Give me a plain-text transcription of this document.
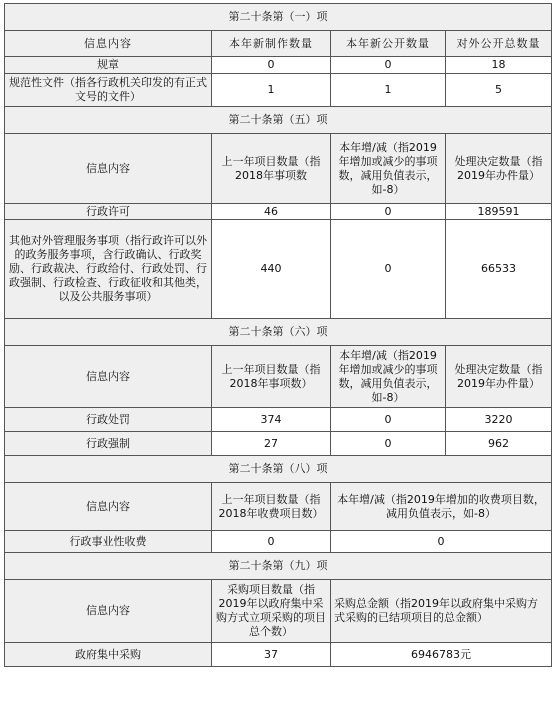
第二十条第（一）项			
信息内容	本年新制作数量	本年新公开数量	对外公开总数量
规章	0	0	18
规范性文件（指各行政机关印发的有正式文号的文件）	1	1	5
第二十条第（五）项			
信息内容	上一年项目数量（指2018年事项数	本年增/减（指2019年增加或减少的事项数，减用负值表示，如-8）	处理决定数量（指2019年办件量）
行政许可	46	0	189591
其他对外管理服务事项（指行政许可以外的政务服务事项，含行政确认、行政奖励、行政裁决、行政给付、行政处罚、行政强制、行政检查、行政征收和其他类，以及公共服务事项）	440	0	66533
第二十条第（六）项			
信息内容	上一年项目数量（指2018年事项数）	本年增/减（指2019年增加或减少的事项数，减用负值表示，如-8）	处理决定数量（指2019年办件量）
行政处罚	374	0	3220
行政强制	27	0	962
第二十条第（八）项			
信息内容	上一年项目数量（指2018年收费项目数）	本年增/减（指2019年增加的收费项目数，减用负值表示，如-8）	
行政事业性收费	0	0	
第二十条第（九）项			
信息内容	采购项目数量（指2019年以政府集中采购方式立项采购的项目总个数）	采购总金额（指2019年以政府集中采购方式采购的已结项项目的总金额）	
政府集中采购	37	6946783元	
